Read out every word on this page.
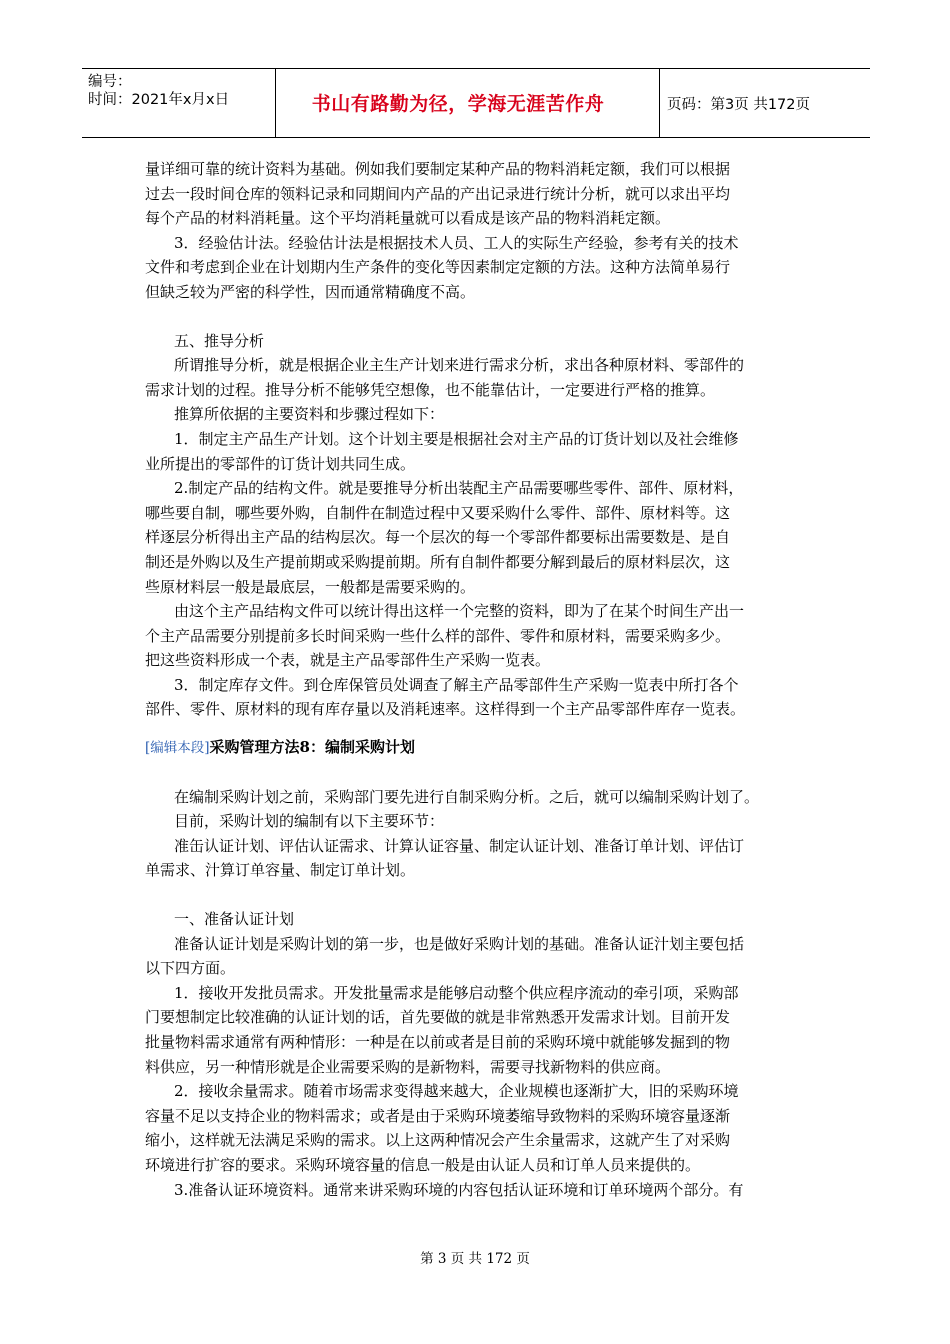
编号：
时间：2021年x月x日	书山有路勤为径，学海无涯苦作舟	页码：第3页 共172页

量详细可靠的统计资料为基础。例如我们要制定某种产品的物料消耗定额，我们可以根据
过去一段时间仓库的领料记录和同期间内产品的产出记录进行统计分析，就可以求出平均
每个产品的材料消耗量。这个平均消耗量就可以看成是该产品的物料消耗定额。

3．经验估计法。经验估计法是根据技术人员、工人的实际生产经验，参考有关的技术

文件和考虑到企业在计划期内生产条件的变化等因素制定定额的方法。这种方法简单易行
但缺乏较为严密的科学性，因而通常精确度不高。

五、推导分析

所谓推导分析，就是根据企业主生产计划来进行需求分析，求出各种原材料、零部件的

需求计划的过程。推导分析不能够凭空想像，也不能靠估计，一定要进行严格的推算。

推算所依据的主要资料和步骤过程如下：

1．制定主产品生产计划。这个计划主要是根据社会对主产品的订货计划以及社会维修

业所提出的零部件的订货计划共同生成。

2.制定产品的结构文件。就是要推导分析出装配主产品需要哪些零件、部件、原材料，

哪些要自制，哪些要外购，自制件在制造过程中又要采购什么零件、部件、原材料等。这

样逐层分析得出主产品的结构层次。每一个层次的每一个零部件都要标出需要数是、是自

制还是外购以及生产提前期或采购提前期。所有自制件都要分解到最后的原材料层次，这

些原材料层一般是最底层，一般都是需要采购的。

由这个主产品结构文件可以统计得出这样一个完整的资料，即为了在某个时间生产出一

个主产品需要分别提前多长时间采购一些什么样的部件、零件和原材料，需要采购多少。

把这些资料形成一个表，就是主产品零部件生产采购一览表。

3．制定库存文件。到仓库保管员处调查了解主产品零部件生产采购一览表中所打各个

部件、零件、原材料的现有库存量以及消耗速率。这样得到一个主产品零部件库存一览表。

[编辑本段]采购管理方法8：编制采购计划

在编制采购计划之前，采购部门要先进行自制采购分析。之后，就可以编制采购计划了。

目前，采购计划的编制有以下主要环节：

准缶认证计划、评估认证需求、计算认证容量、制定认证计划、准备订单计划、评估订

单需求、汁算订单容量、制定订单计划。

一、准备认证计划

准备认证计划是采购计划的第一步，也是做好采购计划的基础。准备认证汁划主要包括

以下四方面。

1．接收开发批员需求。开发批量需求是能够启动整个供应程序流动的牵引项，采购部

门要想制定比较准确的认证计划的话，首先要做的就是非常熟悉开发需求计划。目前开发

批量物料需求通常有两种情形：一种是在以前或者是目前的采购环境中就能够发掘到的物

料供应，另一种情形就是企业需要采购的是新物料，需要寻找新物料的供应商。

2．接收余量需求。随着市场需求变得越来越大，企业规模也逐渐扩大，旧的采购环境

容量不足以支持企业的物料需求；或者是由于采购环境萎缩导致物料的采购环境容量逐渐

缩小，这样就无法满足采购的需求。以上这两种情况会产生余量需求，这就产生了对采购

环境进行扩容的要求。采购环境容量的信息一般是由认证人员和订单人员来提供的。

3.准备认证环境资料。通常来讲采购环境的内容包括认证环境和订单环境两个部分。有

第 3 页 共 172 页
